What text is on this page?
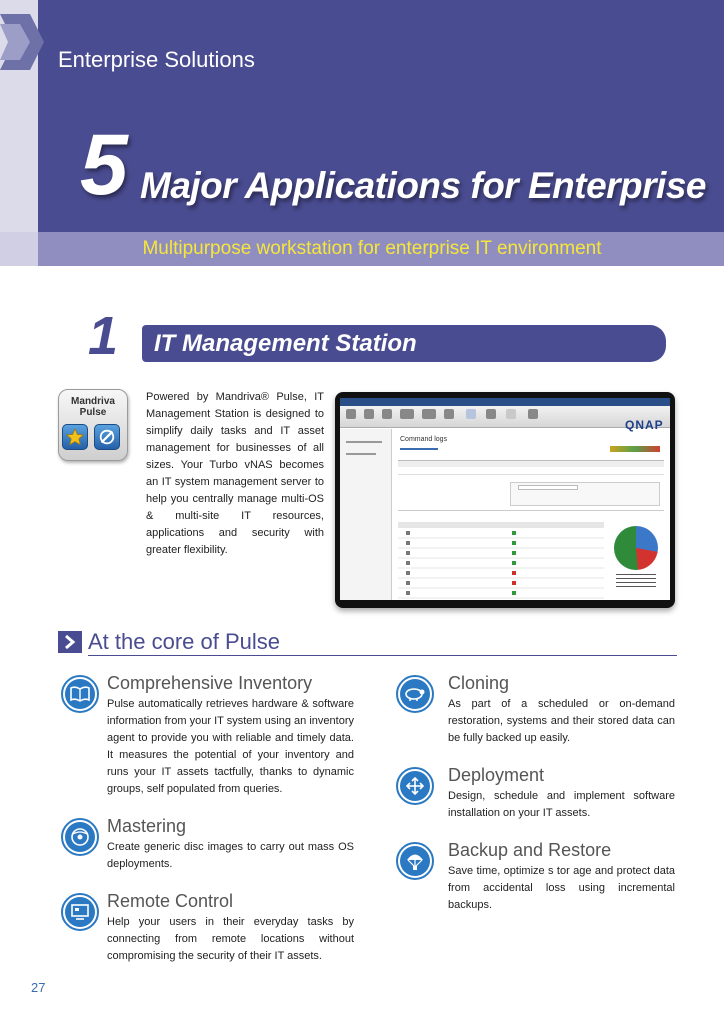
Enterprise Solutions
5 Major Applications for Enterprise
Multipurpose workstation for enterprise IT environment
1 IT Management Station
Mandriva
Pulse
Powered by Mandriva® Pulse, IT Management Station is designed to simplify daily tasks and IT asset management for businesses of all sizes. Your Turbo vNAS becomes an IT system management server to help you centrally manage multi-OS & multi-site IT resources, applications and security with greater flexibility.
QNAP
Command logs
At the core of Pulse
Comprehensive Inventory
Pulse automatically retrieves hardware & software information from your IT system using an inventory agent to provide you with reliable and timely data. It measures the potential of your inventory and runs your IT assets tactfully, thanks to dynamic groups, self populated from queries.
Mastering
Create generic disc images to carry out mass OS deployments.
Remote Control
Help your users in their everyday tasks by connecting from remote locations without compromising the security of their IT assets.
Cloning
As part of a scheduled or on-demand restoration, systems and their stored data can be fully backed up easily.
Deployment
Design, schedule and implement software installation on your IT assets.
Backup and Restore
Save time, optimize s tor age and protect data from accidental loss using incremental backups.
27
